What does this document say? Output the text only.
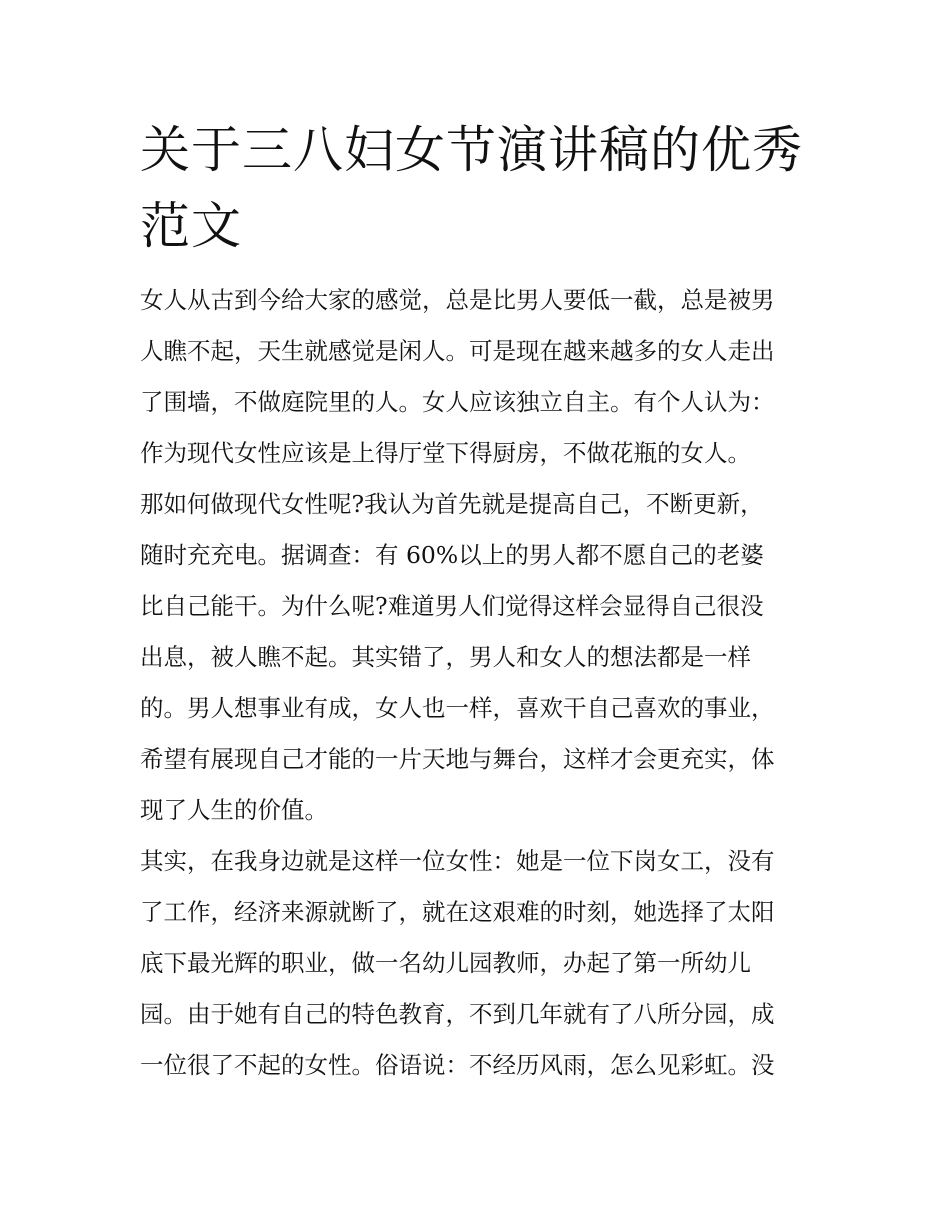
关于三八妇女节演讲稿的优秀
范文
女人从古到今给大家的感觉，总是比男人要低一截，总是被男
人瞧不起，天生就感觉是闲人。可是现在越来越多的女人走出
了围墙，不做庭院里的人。女人应该独立自主。有个人认为：
作为现代女性应该是上得厅堂下得厨房，不做花瓶的女人。
那如何做现代女性呢?我认为首先就是提高自己，不断更新，
随时充充电。据调查：有 60%以上的男人都不愿自己的老婆
比自己能干。为什么呢?难道男人们觉得这样会显得自己很没
出息，被人瞧不起。其实错了，男人和女人的想法都是一样
的。男人想事业有成，女人也一样，喜欢干自己喜欢的事业，
希望有展现自己才能的一片天地与舞台，这样才会更充实，体
现了人生的价值。
其实，在我身边就是这样一位女性：她是一位下岗女工，没有
了工作，经济来源就断了，就在这艰难的时刻，她选择了太阳
底下最光辉的职业，做一名幼儿园教师，办起了第一所幼儿
园。由于她有自己的特色教育，不到几年就有了八所分园，成
一位很了不起的女性。俗语说：不经历风雨，怎么见彩虹。没
